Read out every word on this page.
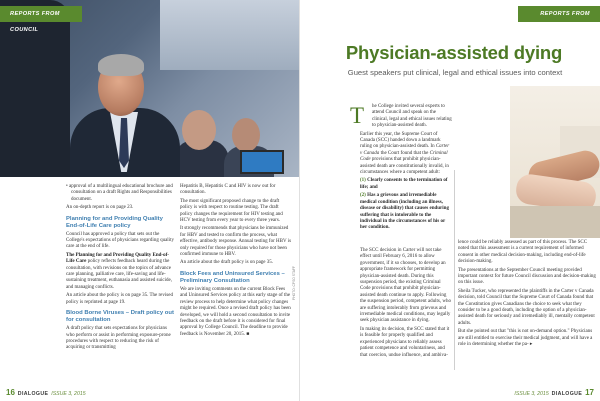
REPORTS FROM COUNCIL

• approval of a multilingual educational brochure and consultation on a draft Rights and Responsibilities document.

An on-depth report is on page 23.

Planning for and Providing Quality End-of-Life Care policy

Council has approved a policy that sets out the College's expectations of physicians regarding quality care at the end of life.

The Planning for and Providing Quality End-of-Life Care policy reflects feedback heard during the consultation, with revisions on the topics of advance care planning, palliative care, life-saving and life-sustaining treatment, euthanasia and assisted suicide, and managing conflicts.

An article about the policy is on page 35. The revised policy is reprinted at page 19.

Blood Borne Viruses – Draft policy out for consultation

A draft policy that sets expectations for physicians who perform or assist in performing exposure-prone procedures with respect to reducing the risk of acquiring or transmitting

Hepatitis B, Hepatitis C and HIV is now out for consultation.

The most significant proposed change to the draft policy is with respect to routine testing. The draft policy changes the requirement for HIV testing and HCV testing from every year to every three years.

It strongly recommends that physicians be immunized for HBV and tested to confirm the process, what effective, antibody response. Annual testing for HBV is only required for those physicians who have not been confirmed immune to HBV.

An article about the draft policy is on page 35.

Block Fees and Uninsured Services – Preliminary Consultation

We are inviting comments on the current Block Fees and Uninsured Services policy at this early stage of the review process to help determine what policy changes might be required. Once a revised draft policy has been developed, we will hold a second consultation to invite feedback on the draft before it is considered for final approval by College Council. The deadline to provide feedback is November 20, 2015. ■

PHOTO: CPSO STAFF
16 DIALOGUE ISSUE 3, 2015
REPORTS FROM COUNCIL
Physician-assisted dying
Guest speakers put clinical, legal and ethical issues into context
T	he College invited several experts to attend Council and speak on the clinical, legal and ethical issues relating to physician-assisted death.

Earlier this year, the Supreme Court of Canada (SCC) handed down a landmark ruling on physician-assisted death. In Carter v Canada the Court found that the Criminal Code provisions that prohibit physician-assisted death are constitutionally invalid, in circumstances where a competent adult:

(1) Clearly consents to the termination of life; and

(2) Has a grievous and irremediable medical condition (including an illness, disease or disability) that causes enduring suffering that is intolerable to the individual in the circumstances of his or her condition.

The SCC decision in Carter will not take effect until February 6, 2016 to allow government, if it so chooses, to develop an appropriate framework for permitting physician-assisted death. During this suspension period, the existing Criminal Code provisions that prohibit physician-assisted death continue to apply. Following the suspension period, competent adults, who are suffering intolerably from grievous and irremediable medical conditions, may legally seek physician assistance in dying.

In making its decision, the SCC stated that it is feasible for properly qualified and experienced physicians to reliably assess patient competence and voluntariness, and that coercion, undue influence, and ambiva-

lence could be reliably assessed as part of this process. The SCC noted that this assessment is a current requirement of informed consent in other medical decision-making, including end-of-life decision-making.

The presentations at the September Council meeting provided important context for future Council discussion and decision-making on this issue.

Sheila Tucker, who represented the plaintiffs in the Carter v Canada decision, told Council that the Supreme Court of Canada found that the Constitution gives Canadians the choice to seek what they consider to be a good death, including the option of a physician-assisted death for seriously and irremediably ill, mentally competent adults.

But she pointed out that "this is not on-demand option." Physicians are still entitled to exercise their medical judgment, and will have a role in determining whether the pa- ▸

ISSUE 3, 2015 DIALOGUE 17
